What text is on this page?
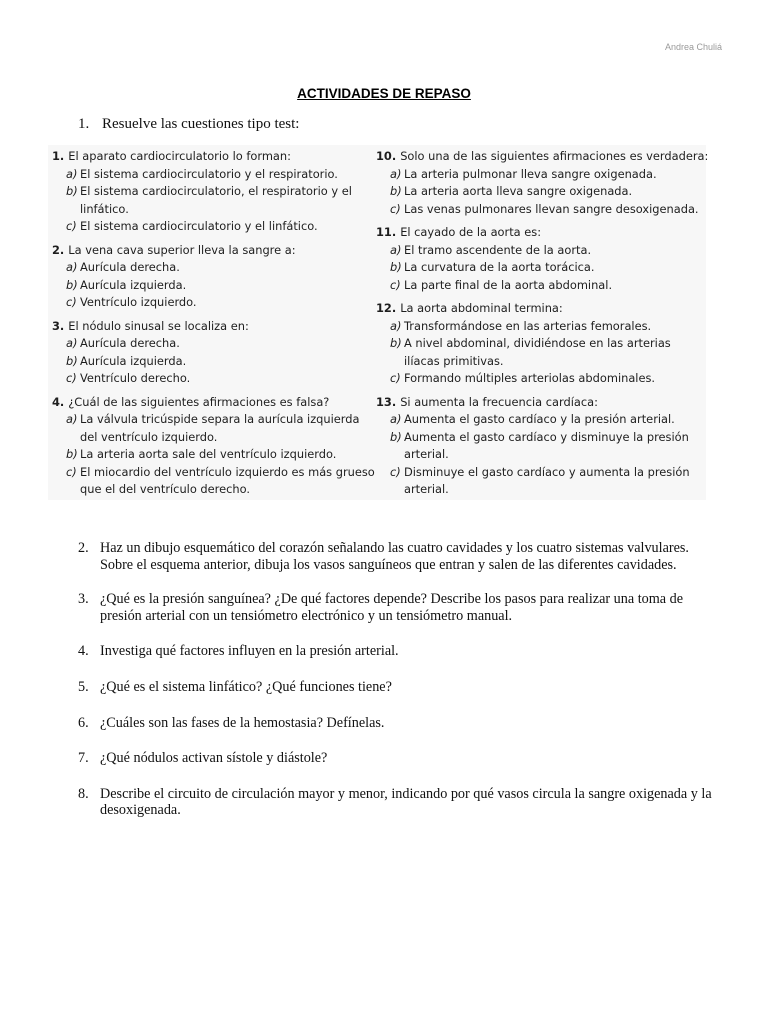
Andrea Chuliá
ACTIVIDADES DE REPASO
1. Resuelve las cuestiones tipo test:
1. El aparato cardiocirculatorio lo forman:
a) El sistema cardiocirculatorio y el respiratorio.
b) El sistema cardiocirculatorio, el respiratorio y el linfático.
c) El sistema cardiocirculatorio y el linfático.
2. La vena cava superior lleva la sangre a:
a) Aurícula derecha.
b) Aurícula izquierda.
c) Ventrículo izquierdo.
3. El nódulo sinusal se localiza en:
a) Aurícula derecha.
b) Aurícula izquierda.
c) Ventrículo derecho.
4. ¿Cuál de las siguientes afirmaciones es falsa?
a) La válvula tricúspide separa la aurícula izquierda del ventrículo izquierdo.
b) La arteria aorta sale del ventrículo izquierdo.
c) El miocardio del ventrículo izquierdo es más grueso que el del ventrículo derecho.
10. Solo una de las siguientes afirmaciones es verdadera:
a) La arteria pulmonar lleva sangre oxigenada.
b) La arteria aorta lleva sangre oxigenada.
c) Las venas pulmonares llevan sangre desoxigenada.
11. El cayado de la aorta es:
a) El tramo ascendente de la aorta.
b) La curvatura de la aorta torácica.
c) La parte final de la aorta abdominal.
12. La aorta abdominal termina:
a) Transformándose en las arterias femorales.
b) A nivel abdominal, dividiéndose en las arterias ilíacas primitivas.
c) Formando múltiples arteriolas abdominales.
13. Si aumenta la frecuencia cardíaca:
a) Aumenta el gasto cardíaco y la presión arterial.
b) Aumenta el gasto cardíaco y disminuye la presión arterial.
c) Disminuye el gasto cardíaco y aumenta la presión arterial.
2. Haz un dibujo esquemático del corazón señalando las cuatro cavidades y los cuatro sistemas valvulares. Sobre el esquema anterior, dibuja los vasos sanguíneos que entran y salen de las diferentes cavidades.
3. ¿Qué es la presión sanguínea? ¿De qué factores depende? Describe los pasos para realizar una toma de presión arterial con un tensiómetro electrónico y un tensiómetro manual.
4. Investiga qué factores influyen en la presión arterial.
5. ¿Qué es el sistema linfático? ¿Qué funciones tiene?
6. ¿Cuáles son las fases de la hemostasia? Defínelas.
7. ¿Qué nódulos activan sístole y diástole?
8. Describe el circuito de circulación mayor y menor, indicando por qué vasos circula la sangre oxigenada y la desoxigenada.
